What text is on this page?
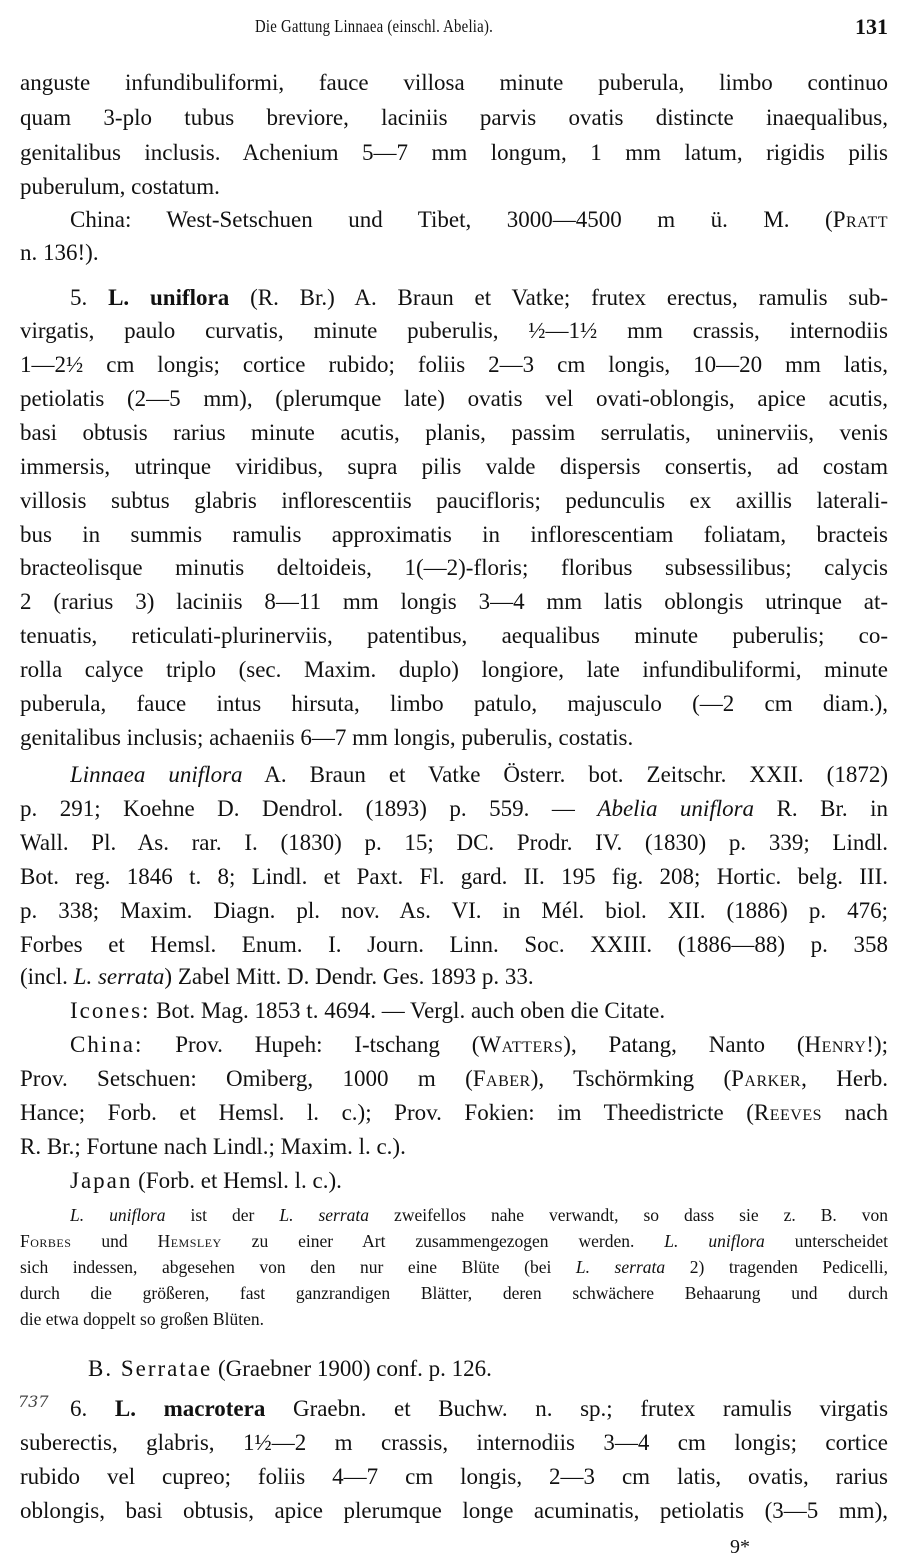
Die Gattung Linnaea (einschl. Abelia).	131
anguste infundibuliformi, fauce villosa minute puberula, limbo continuo
quam 3-plo tubus breviore, laciniis parvis ovatis distincte inaequalibus,
genitalibus inclusis. Achenium 5—7 mm longum, 1 mm latum, rigidis pilis
puberulum, costatum.
China: West-Setschuen und Tibet, 3000—4500 m ü. M. (Pratt
n. 136!).
5. L. uniflora (R. Br.) A. Braun et Vatke; frutex erectus, ramulis sub-
virgatis, paulo curvatis, minute puberulis, ½—1½ mm crassis, internodiis
1—2½ cm longis; cortice rubido; foliis 2—3 cm longis, 10—20 mm latis,
petiolatis (2—5 mm), (plerumque late) ovatis vel ovati-oblongis, apice acutis,
basi obtusis rarius minute acutis, planis, passim serrulatis, uninerviis, venis
immersis, utrinque viridibus, supra pilis valde dispersis consertis, ad costam
villosis subtus glabris inflorescentiis paucifloris; pedunculis ex axillis laterali-
bus in summis ramulis approximatis in inflorescentiam foliatam, bracteis
bracteolisque minutis deltoideis, 1(—2)-floris; floribus subsessilibus; calycis
2 (rarius 3) laciniis 8—11 mm longis 3—4 mm latis oblongis utrinque at-
tenuatis, reticulati-plurinerviis, patentibus, aequalibus minute puberulis; co-
rolla calyce triplo (sec. Maxim. duplo) longiore, late infundibuliformi, minute
puberula, fauce intus hirsuta, limbo patulo, majusculo (—2 cm diam.),
genitalibus inclusis; achaeniis 6—7 mm longis, puberulis, costatis.
Linnaea uniflora A. Braun et Vatke Österr. bot. Zeitschr. XXII. (1872)
p. 291; Koehne D. Dendrol. (1893) p. 559. — Abelia uniflora R. Br. in
Wall. Pl. As. rar. I. (1830) p. 15; DC. Prodr. IV. (1830) p. 339; Lindl.
Bot. reg. 1846 t. 8; Lindl. et Paxt. Fl. gard. II. 195 fig. 208; Hortic. belg. III.
p. 338; Maxim. Diagn. pl. nov. As. VI. in Mél. biol. XII. (1886) p. 476;
Forbes et Hemsl. Enum. I. Journ. Linn. Soc. XXIII. (1886—88) p. 358
(incl. L. serrata) Zabel Mitt. D. Dendr. Ges. 1893 p. 33.
Icones: Bot. Mag. 1853 t. 4694. — Vergl. auch oben die Citate.
China: Prov. Hupeh: I-tschang (Watters), Patang, Nanto (Henry!);
Prov. Setschuen: Omiberg, 1000 m (Faber), Tschörmking (Parker, Herb.
Hance; Forb. et Hemsl. l. c.); Prov. Fokien: im Theedistricte (Reeves nach
R. Br.; Fortune nach Lindl.; Maxim. l. c.).
Japan (Forb. et Hemsl. l. c.).
L. uniflora ist der L. serrata zweifellos nahe verwandt, so dass sie z. B. von
Forbes und Hemsley zu einer Art zusammengezogen werden. L. uniflora unterscheidet
sich indessen, abgesehen von den nur eine Blüte (bei L. serrata 2) tragenden Pedicelli,
durch die größeren, fast ganzrandigen Blätter, deren schwächere Behaarung und durch
die etwa doppelt so großen Blüten.
B. Serratae (Graebner 1900) conf. p. 126.
737 6. L. macrotera Graebn. et Buchw. n. sp.; frutex ramulis virgatis
suberectis, glabris, 1½—2 m crassis, internodiis 3—4 cm longis; cortice
rubido vel cupreo; foliis 4—7 cm longis, 2—3 cm latis, ovatis, rarius
oblongis, basi obtusis, apice plerumque longe acuminatis, petiolatis (3—5 mm),
9*
